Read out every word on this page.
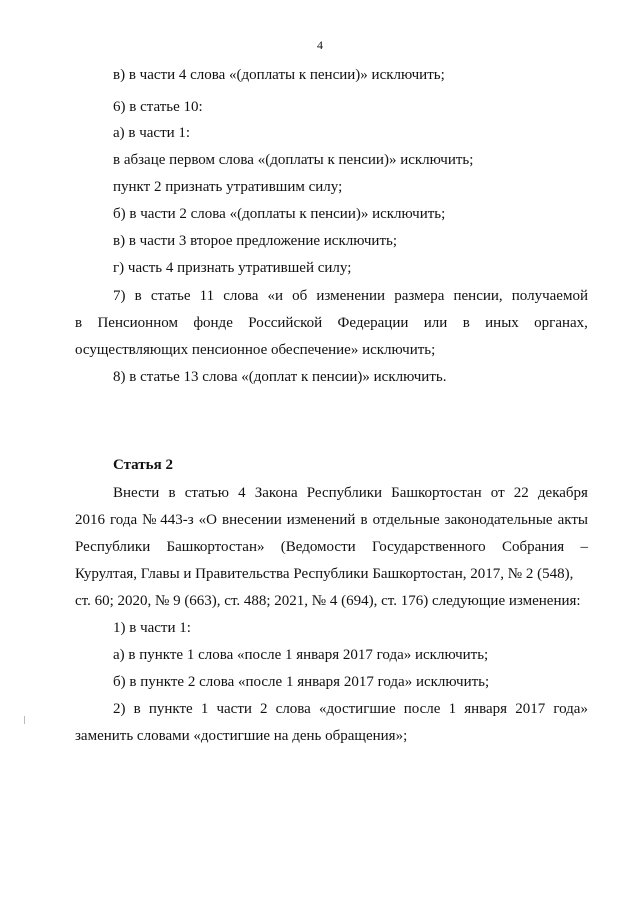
4
в) в части 4 слова «(доплаты к пенсии)» исключить;
6) в статье 10:
а) в части 1:
в абзаце первом слова «(доплаты к пенсии)» исключить;
пункт 2 признать утратившим силу;
б) в части 2 слова «(доплаты к пенсии)» исключить;
в) в части 3 второе предложение исключить;
г) часть 4 признать утратившей силу;
7) в статье 11 слова «и об изменении размера пенсии, получаемой
в Пенсионном фонде Российской Федерации или в иных органах,
осуществляющих пенсионное обеспечение» исключить;
8) в статье 13 слова «(доплат к пенсии)» исключить.
Статья 2
Внести в статью 4 Закона Республики Башкортостан от 22 декабря
2016 года № 443-з «О внесении изменений в отдельные законодательные акты
Республики Башкортостан» (Ведомости Государственного Собрания –
Курултая, Главы и Правительства Республики Башкортостан, 2017, № 2 (548),
ст. 60; 2020, № 9 (663), ст. 488; 2021, № 4 (694), ст. 176) следующие изменения:
1) в части 1:
а) в пункте 1 слова «после 1 января 2017 года» исключить;
б) в пункте 2 слова «после 1 января 2017 года» исключить;
2) в пункте 1 части 2 слова «достигшие после 1 января 2017 года»
заменить словами «достигшие на день обращения»;
